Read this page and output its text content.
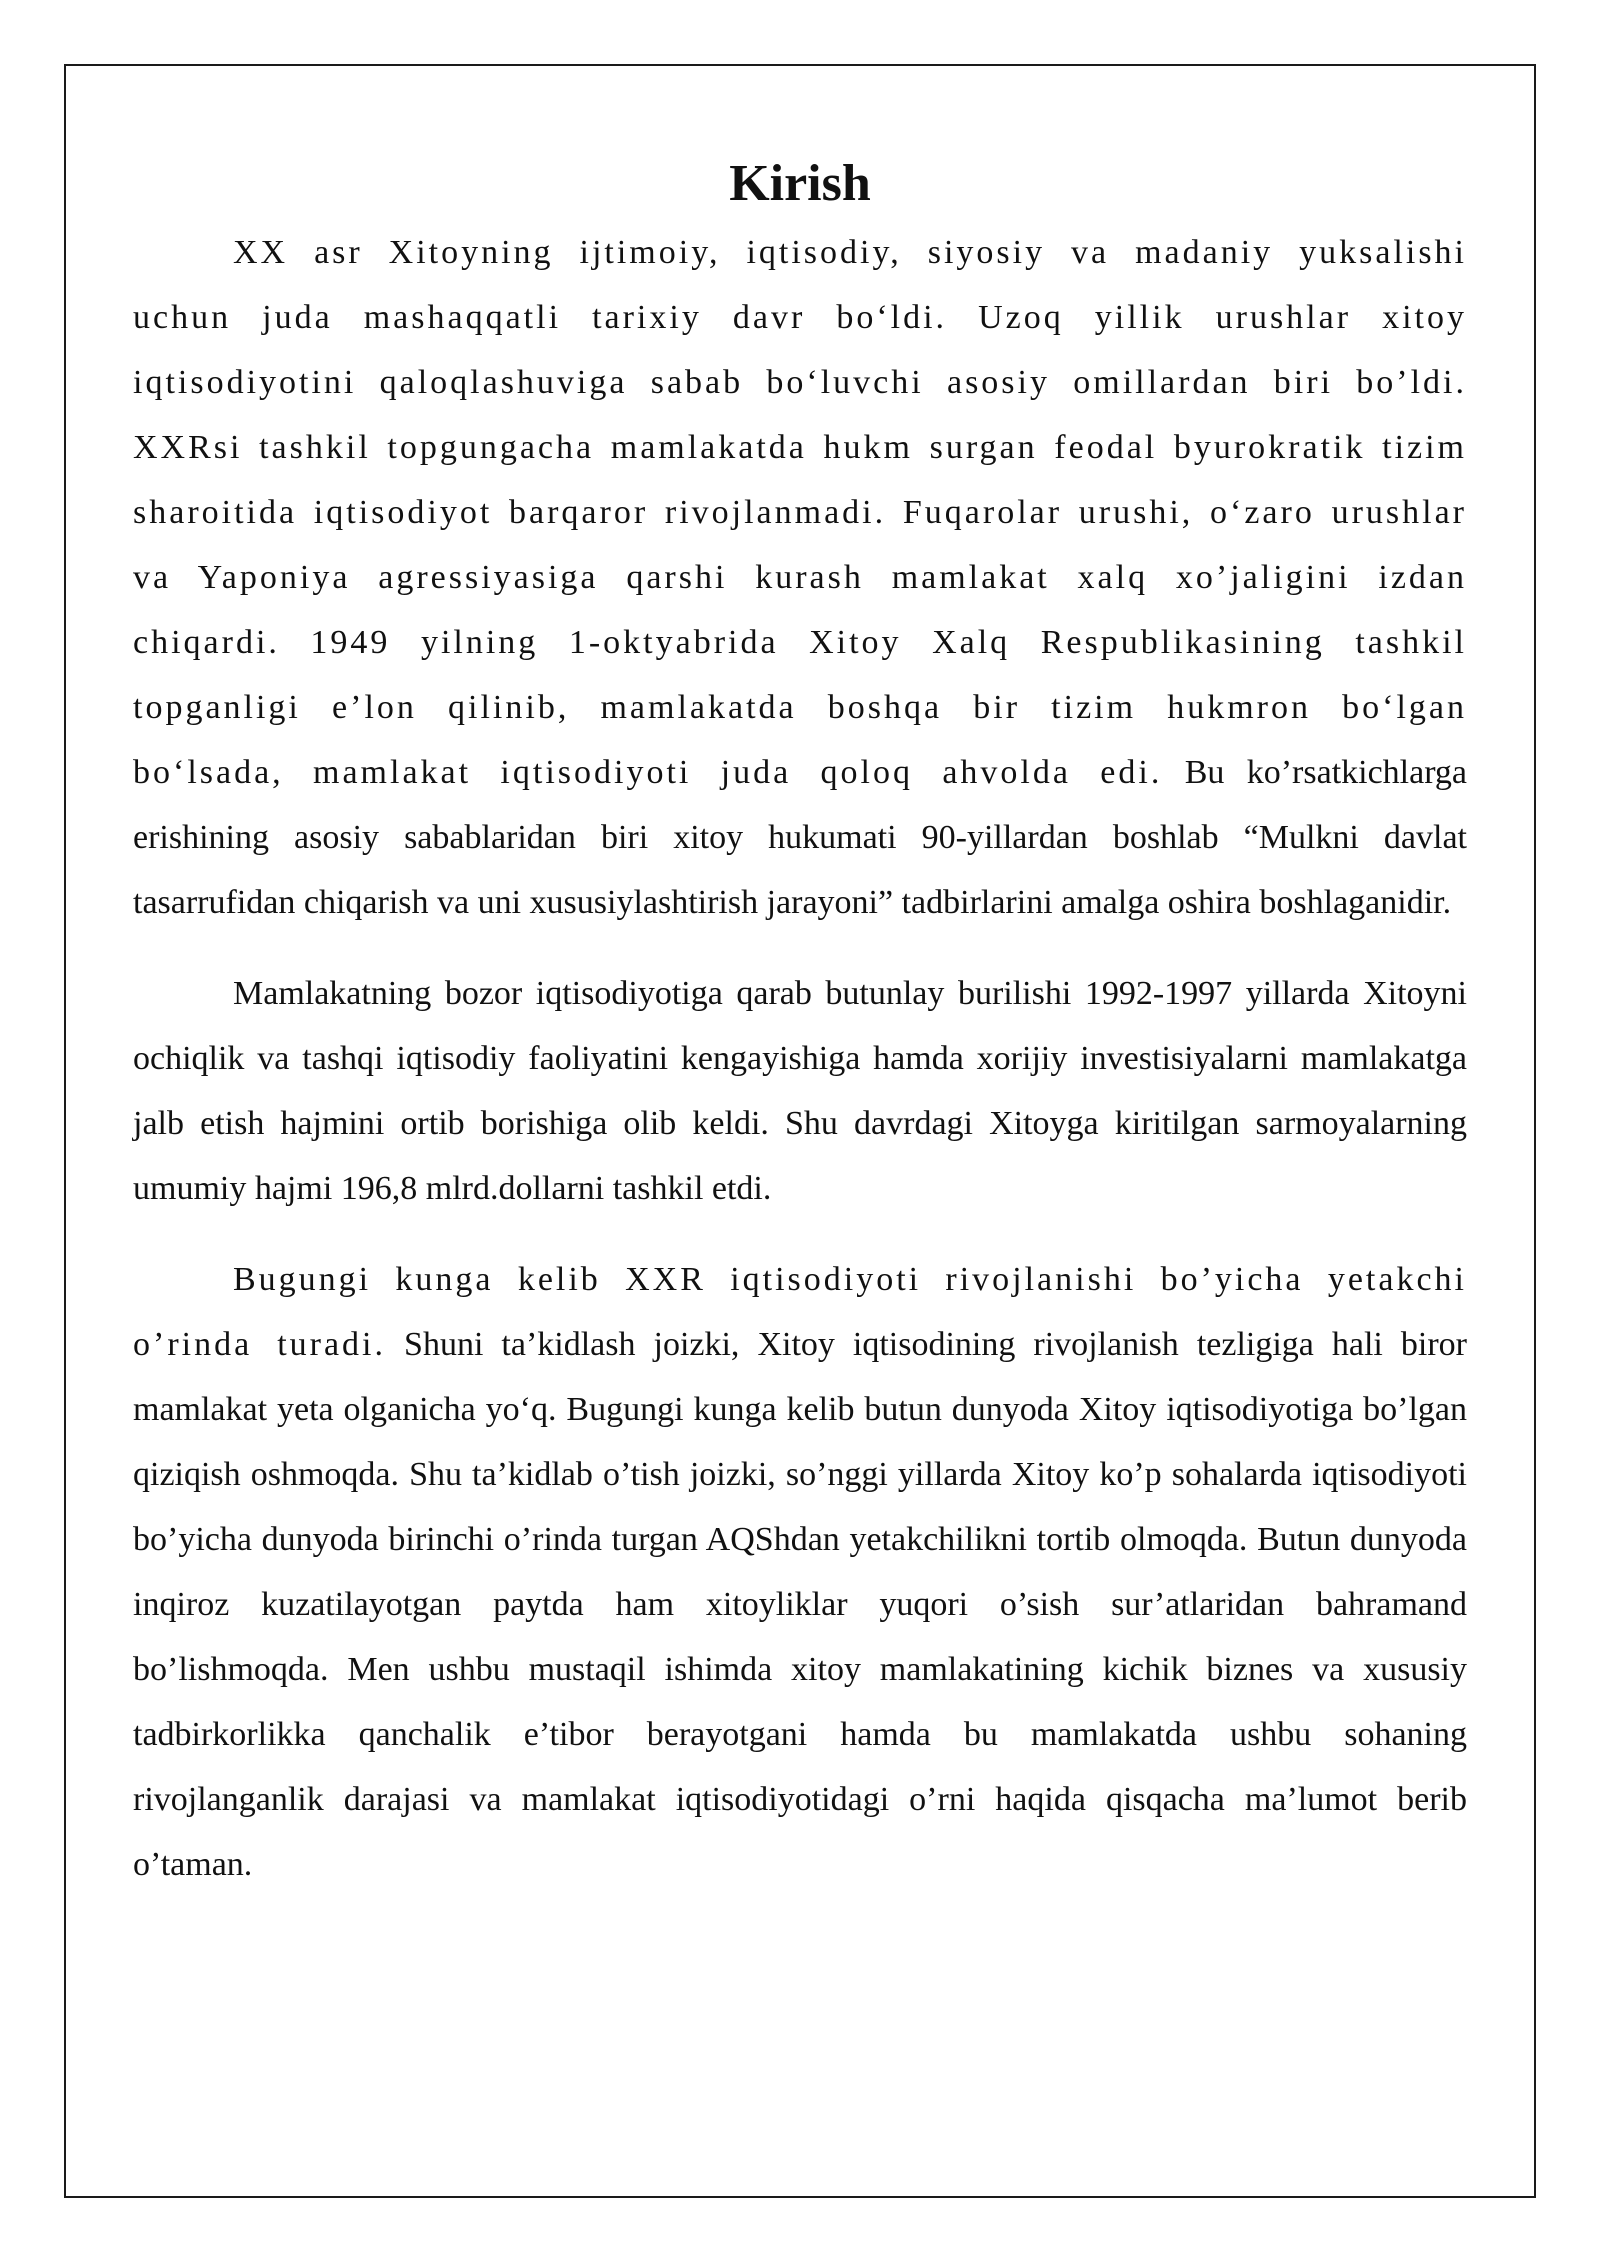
Kirish

XX asr Xitoyning ijtimoiy, iqtisodiy, siyosiy va madaniy yuksalishi uchun juda mashaqqatli tarixiy davr bo‘ldi. Uzoq yillik urushlar xitoy iqtisodiyotini qaloqlashuviga sabab bo‘luvchi asosiy omillardan biri bo’ldi. XXRsi tashkil topgungacha mamlakatda hukm surgan feodal byurokratik tizim sharoitida iqtisodiyot barqaror rivojlanmadi. Fuqarolar urushi, o‘zaro urushlar va Yaponiya agressiyasiga qarshi kurash mamlakat xalq xo’jaligini izdan chiqardi. 1949 yilning 1-oktyabrida Xitoy Xalq Respublikasining tashkil topganligi e’lon qilinib, mamlakatda boshqa bir tizim hukmron bo‘lgan bo‘lsada, mamlakat iqtisodiyoti juda qoloq ahvolda edi. Bu ko’rsatkichlarga erishining asosiy sabablaridan biri xitoy hukumati 90-yillardan boshlab “Mulkni davlat tasarrufidan chiqarish va uni xususiylashtirish jarayoni” tadbirlarini amalga oshira boshlaganidir.

Mamlakatning bozor iqtisodiyotiga qarab butunlay burilishi 1992-1997 yillarda Xitoyni ochiqlik va tashqi iqtisodiy faoliyatini kengayishiga hamda xorijiy investisiyalarni mamlakatga jalb etish hajmini ortib borishiga olib keldi. Shu davrdagi Xitoyga kiritilgan sarmoyalarning umumiy hajmi 196,8 mlrd.dollarni tashkil etdi.

Bugungi kunga kelib XXR iqtisodiyoti rivojlanishi bo’yicha yetakchi o’rinda turadi. Shuni ta’kidlash joizki, Xitoy iqtisodining rivojlanish tezligiga hali biror mamlakat yeta olganicha yo‘q. Bugungi kunga kelib butun dunyoda Xitoy iqtisodiyotiga bo’lgan qiziqish oshmoqda. Shu ta’kidlab o’tish joizki, so’nggi yillarda Xitoy ko’p sohalarda iqtisodiyoti bo’yicha dunyoda birinchi o’rinda turgan AQShdan yetakchilikni tortib olmoqda. Butun dunyoda inqiroz kuzatilayotgan paytda ham xitoyliklar yuqori o’sish sur’atlaridan bahramand bo’lishmoqda. Men ushbu mustaqil ishimda xitoy mamlakatining kichik biznes va xususiy tadbirkorlikka qanchalik e’tibor berayotgani hamda bu mamlakatda ushbu sohaning rivojlanganlik darajasi va mamlakat iqtisodiyotidagi o’rni haqida qisqacha ma’lumot berib o’taman.
